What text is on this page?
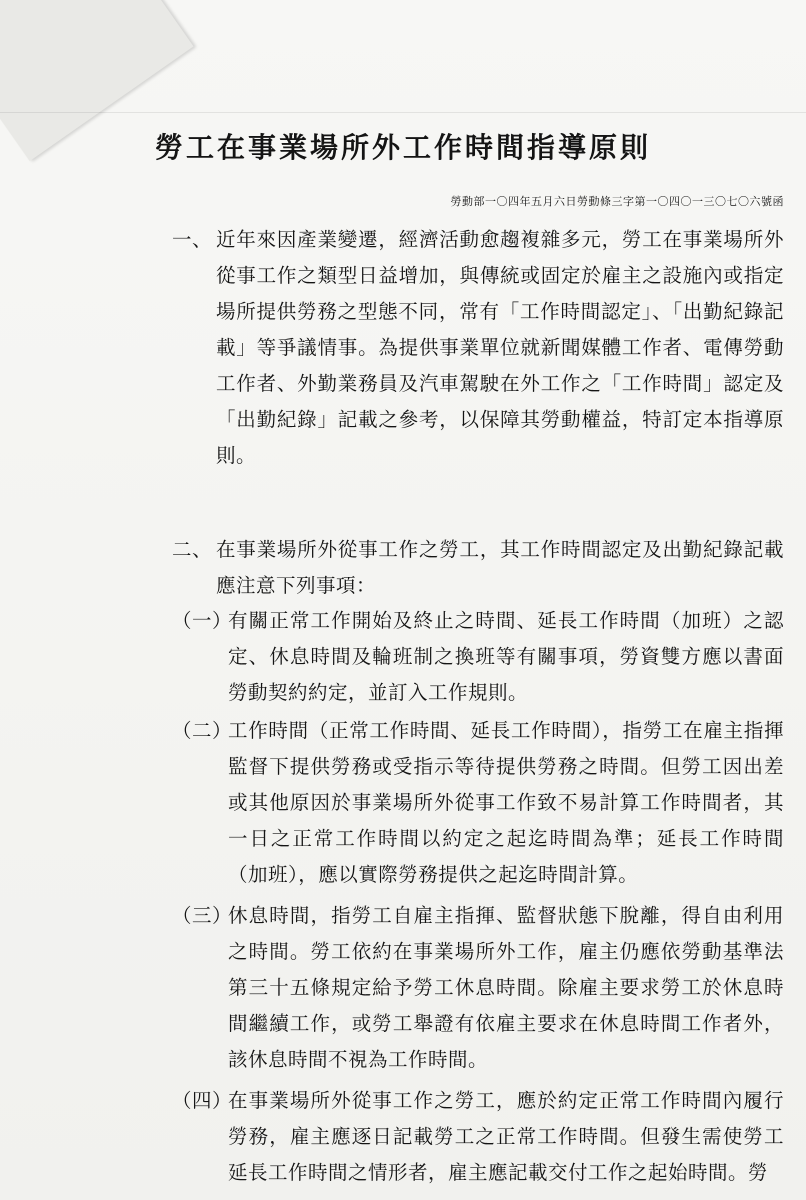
勞工在事業場所外工作時間指導原則
勞動部一〇四年五月六日勞動條三字第一〇四〇一三〇七〇六號函
一、 近年來因產業變遷，經濟活動愈趨複雜多元，勞工在事業場所外從事工作之類型日益增加，與傳統或固定於雇主之設施內或指定場所提供勞務之型態不同，常有「工作時間認定」、「出勤紀錄記載」等爭議情事。為提供事業單位就新聞媒體工作者、電傳勞動工作者、外勤業務員及汽車駕駛在外工作之「工作時間」認定及「出勤紀錄」記載之參考，以保障其勞動權益，特訂定本指導原則。
二、 在事業場所外從事工作之勞工，其工作時間認定及出勤紀錄記載應注意下列事項：
（一）
有關正常工作開始及終止之時間、延長工作時間（加班）之認定、休息時間及輪班制之換班等有關事項，勞資雙方應以書面勞動契約約定，並訂入工作規則。
（二）
工作時間（正常工作時間、延長工作時間），指勞工在雇主指揮監督下提供勞務或受指示等待提供勞務之時間。但勞工因出差或其他原因於事業場所外從事工作致不易計算工作時間者，其一日之正常工作時間以約定之起迄時間為準；延長工作時間（加班），應以實際勞務提供之起迄時間計算。
（三）
休息時間，指勞工自雇主指揮、監督狀態下脫離，得自由利用之時間。勞工依約在事業場所外工作，雇主仍應依勞動基準法第三十五條規定給予勞工休息時間。除雇主要求勞工於休息時間繼續工作，或勞工舉證有依雇主要求在休息時間工作者外，該休息時間不視為工作時間。
（四）
在事業場所外從事工作之勞工，應於約定正常工作時間內履行勞務，雇主應逐日記載勞工之正常工作時間。但發生需使勞工延長工作時間之情形者，雇主應記載交付工作之起始時間。勞
